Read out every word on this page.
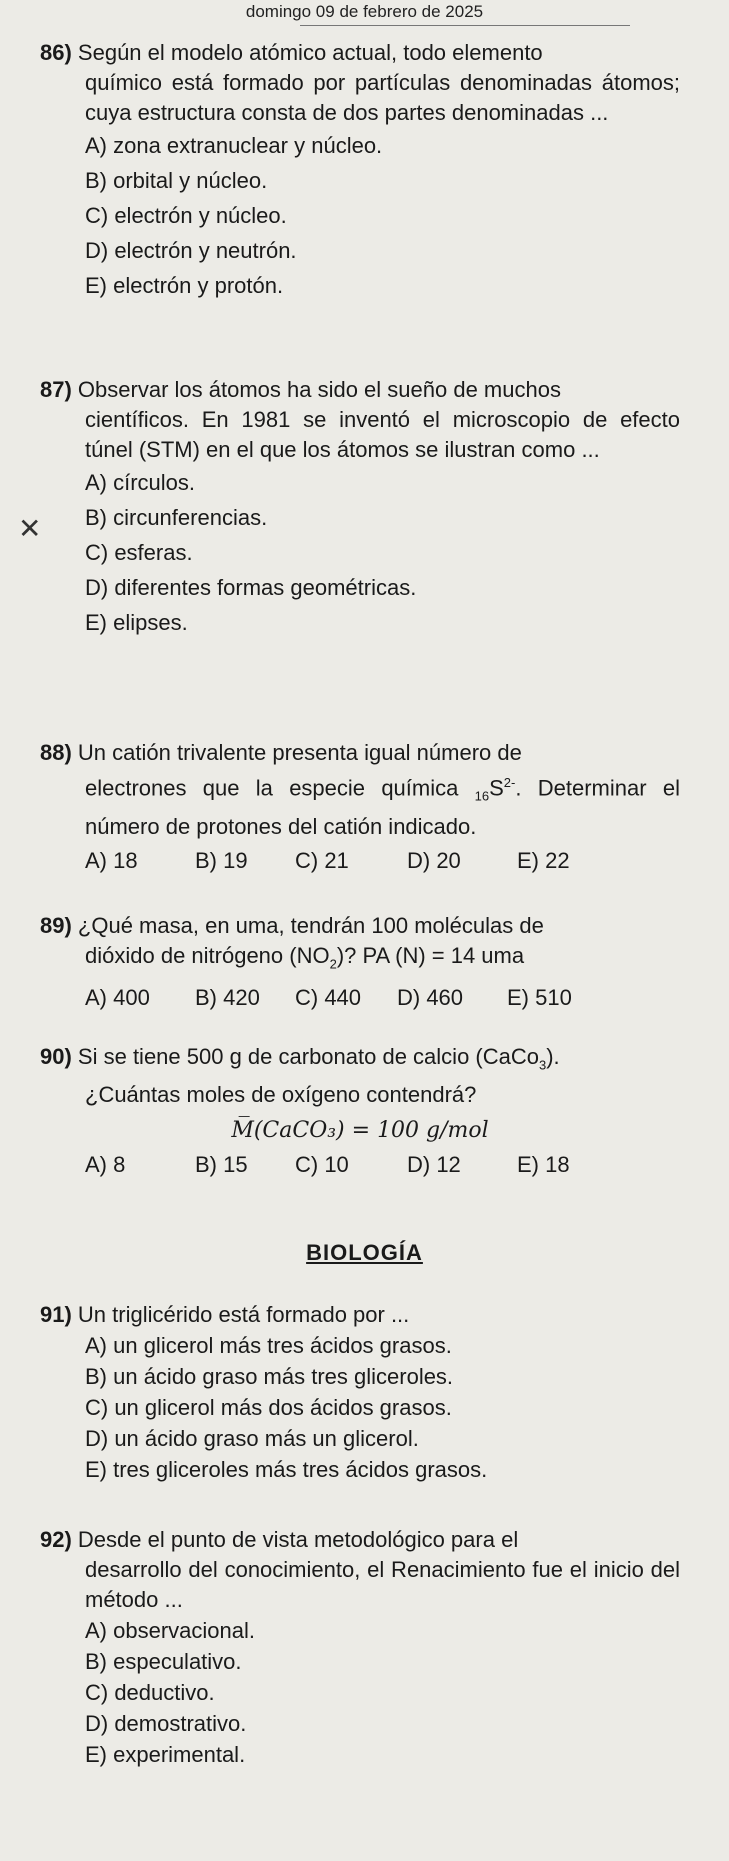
domingo 09 de febrero de 2025
86) Según el modelo atómico actual, todo elemento
químico está formado por partículas denominadas átomos; cuya estructura consta de dos partes denominadas ...
A) zona extranuclear y núcleo.
B) orbital y núcleo.
C) electrón y núcleo.
D) electrón y neutrón.
E) electrón y protón.
87) Observar los átomos ha sido el sueño de muchos
científicos. En 1981 se inventó el microscopio de efecto túnel (STM) en el que los átomos se ilustran como ...
A) círculos.
B) circunferencias.
C) esferas.
D) diferentes formas geométricas.
E) elipses.
✕
88) Un catión trivalente presenta igual número de
electrones que la especie química $_{16}S^{2-}$. Determinar el número de protones del catión indicado.
A) 18	B) 19	C) 21	D) 20	E) 22
89) ¿Qué masa, en uma, tendrán 100 moléculas de
dióxido de nitrógeno $(NO_2)$? PA (N) = 14 uma
A) 400	B) 420	C) 440	D) 460	E) 510
90) Si se tiene 500 g de carbonato de calcio (CaCo$_3$).
¿Cuántas moles de oxígeno contendrá?
M̅(CaCO₃) = 100 g/mol
A) 8	B) 15	C) 10	D) 12	E) 18
BIOLOGÍA
91) Un triglicérido está formado por ...
A) un glicerol más tres ácidos grasos.
B) un ácido graso más tres gliceroles.
C) un glicerol más dos ácidos grasos.
D) un ácido graso más un glicerol.
E) tres gliceroles más tres ácidos grasos.
92) Desde el punto de vista metodológico para el
desarrollo del conocimiento, el Renacimiento fue el inicio del método ...
A) observacional.
B) especulativo.
C) deductivo.
D) demostrativo.
E) experimental.
